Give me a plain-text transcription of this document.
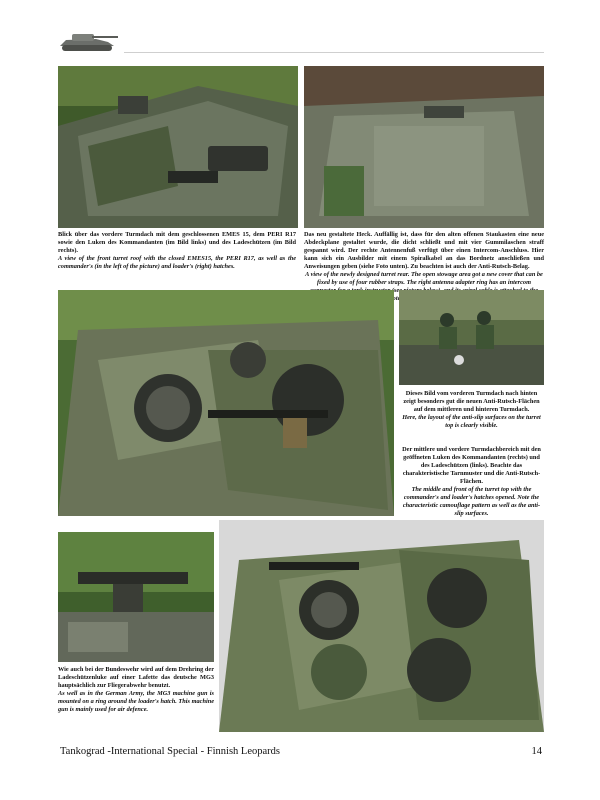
Blick über das vordere Turmdach mit dem geschlossenen EMES 15, dem PERI R17 sowie den Luken des Kommandanten (im Bild links) und des Ladeschützen (im Bild rechts).
A view of the front turret roof with the closed EMES15, the PERI R17, as well as the commander's (in the left of the picture) and loader's (right) hatches.
Das neu gestaltete Heck. Auffällig ist, dass für den alten offenen Staukasten eine neue Abdeckplane gestaltet wurde, die dicht schließt und mit vier Gummilaschen straff gespannt wird. Der rechte Antennenfuß verfügt über einen Intercom-Anschluss. Hier kann sich ein Ausbilder mit einem Spiralkabel an das Bordnetz anschließen und Anweisungen geben (siehe Foto unten). Zu beachten ist auch der Anti-Rutsch-Belag.
A view of the newly designed turret rear. The open stowage area got a new cover that can be fixed by use of four rubber straps. The right antenna adapter ring has an intercom (see Note
Dieses Bild vom vorderen Turmdach nach hinten zeigt besonders gut die neuen Anti-Rutsch-Flächen auf dem mittleren und hinteren Turmdach.
Here, the layout of the anti-slip surfaces on the turret top is clearly visible.
Der mittlere und vordere Turmdachbereich mit den geöffneten Luken des Kommandanten (rechts) und des Ladeschützen (links). Beachte das charakteristische Tarnmuster und die Anti-Rutsch-Flächen.
The middle and front of the turret top with the commander's and loader's hatches opened. Note the characteristic camouflage pattern as well as the anti-slip surfaces.
Wie auch bei der Bundeswehr wird auf dem Drehring der Ladeschützenluke auf einer Lafette das deutsche MG3 hauptsächlich zur Fliegerabwehr benutzt.
As well as in the German Army, the MG3 machine gun is mounted on a ring around the loader's hatch. This machine gun is mainly used for air defence.
Tankograd -International Special - Finnish Leopards	14
